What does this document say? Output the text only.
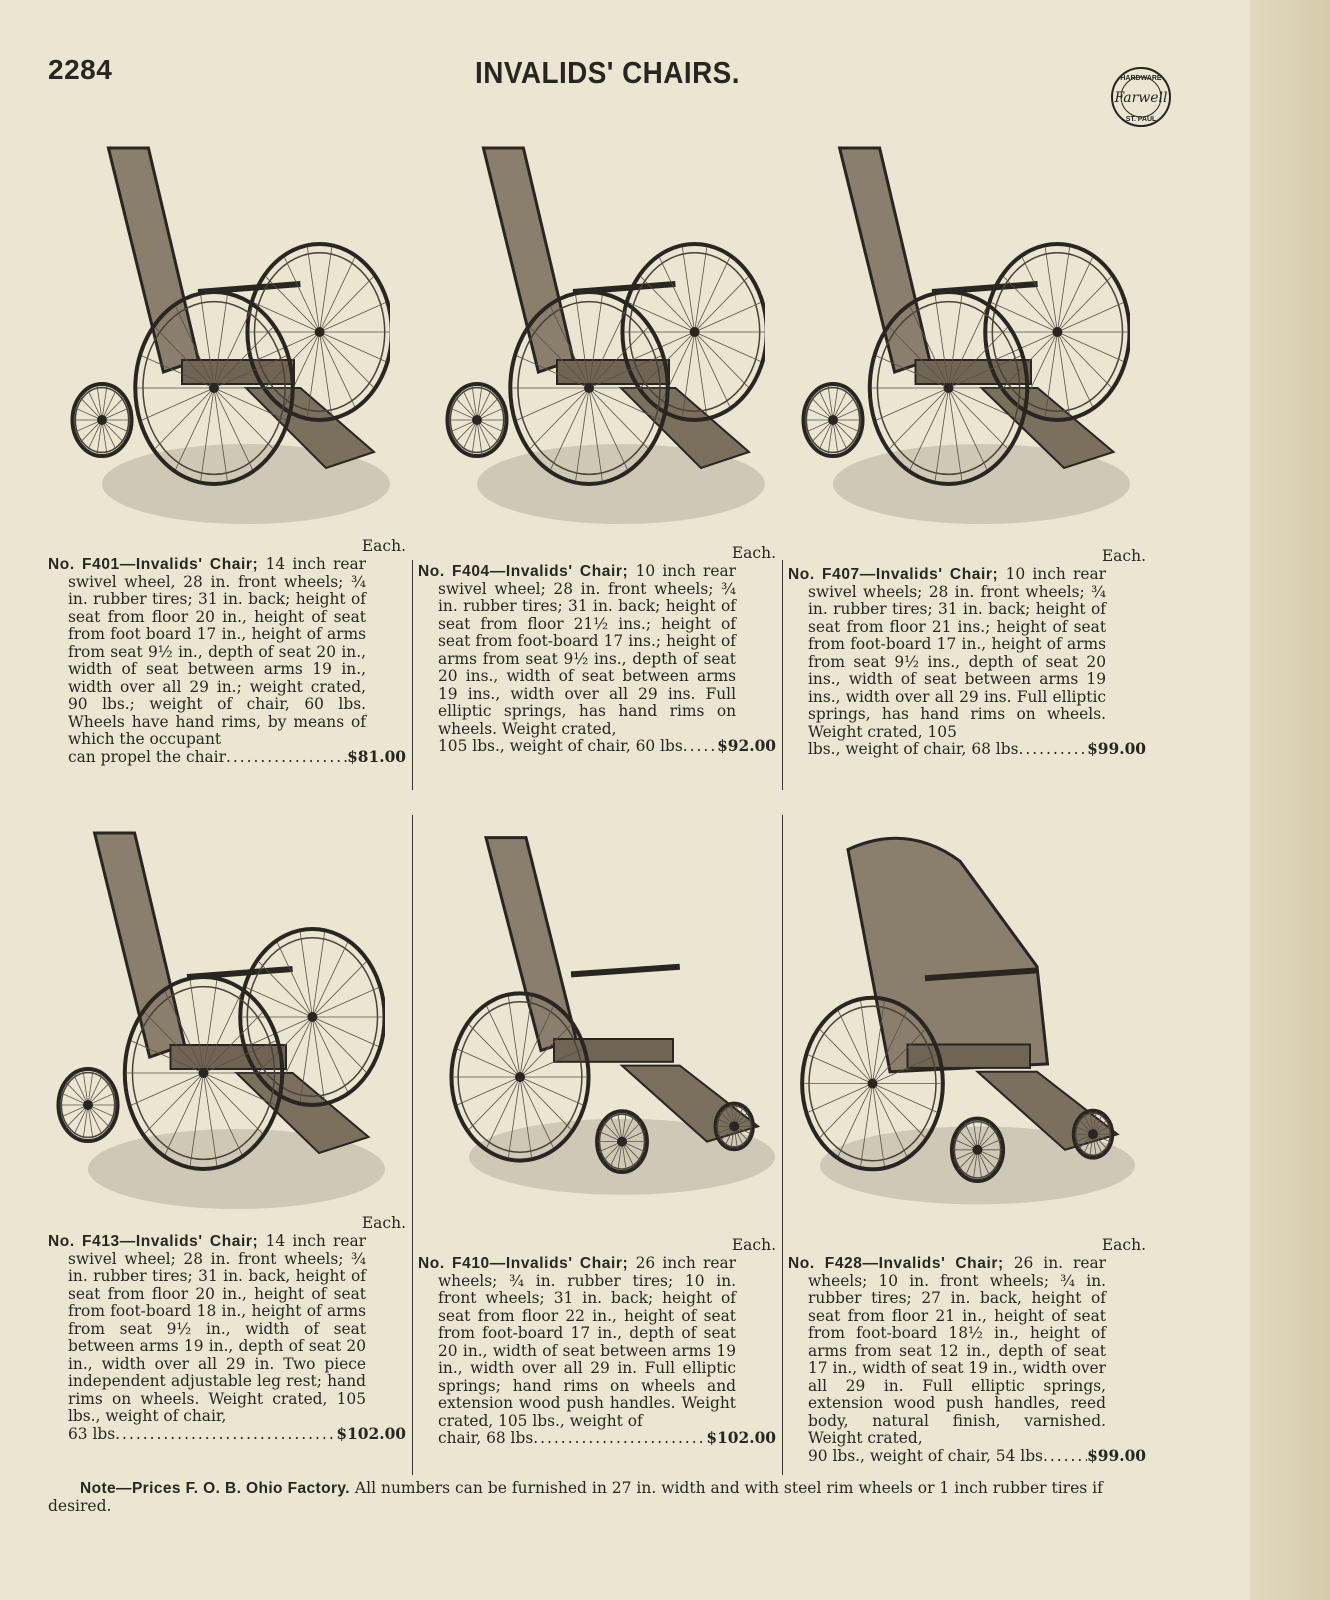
2284	INVALIDS' CHAIRS.	HARDWARE
Farwell
ST. PAUL
Each.
No. F401—Invalids' Chair; 14 inch rear swivel wheel, 28 in. front wheels; ¾ in. rubber tires; 31 in. back; height of seat from floor 20 in., height of seat from foot board 17 in., height of arms from seat 9½ in., depth of seat 20 in., width of seat between arms 19 in., width over all 29 in.; weight crated, 90 lbs.; weight of chair, 60 lbs. Wheels have hand rims, by means of which the occupant
can propel the chair .....	$81.00
Each.
No. F404—Invalids' Chair; 10 inch rear swivel wheel; 28 in. front wheels; ¾ in. rubber tires; 31 in. back; height of seat from floor 21½ ins.; height of seat from foot-board 17 ins.; height of arms from seat 9½ ins., depth of seat 20 ins., width of seat between arms 19 ins., width over all 29 ins. Full elliptic springs, has hand rims on wheels. Weight crated,
105 lbs., weight of chair, 60 lbs ..... $92.00
Each.
No. F407—Invalids' Chair; 10 inch rear swivel wheels; 28 in. front wheels; ¾ in. rubber tires; 31 in. back; height of seat from floor 21 ins.; height of seat from foot-board 17 in., height of arms from seat 9½ ins., depth of seat 20 ins., width of seat between arms 19 ins., width over all 29 ins. Full elliptic springs, has hand rims on wheels. Weight crated, 105
lbs., weight of chair, 68 lbs .....	$99.00
Each.
No. F413—Invalids' Chair; 14 inch rear swivel wheel; 28 in. front wheels; ¾ in. rubber tires; 31 in. back, height of seat from floor 20 in., height of seat from foot-board 18 in., height of arms from seat 9½ in., width of seat between arms 19 in., depth of seat 20 in., width over all 29 in. Two piece independent adjustable leg rest; hand rims on wheels. Weight crated, 105 lbs., weight of chair,
63 lbs .....	$102.00
Each.
No. F410—Invalids' Chair; 26 inch rear wheels; ¾ in. rubber tires; 10 in. front wheels; 31 in. back; height of seat from floor 22 in., height of seat from foot-board 17 in., depth of seat 20 in., width of seat between arms 19 in., width over all 29 in. Full elliptic springs; hand rims on wheels and extension wood push handles. Weight crated, 105 lbs., weight of
chair, 68 lbs .....	$102.00
Each.
No. F428—Invalids' Chair; 26 in. rear wheels; 10 in. front wheels; ¾ in. rubber tires; 27 in. back, height of seat from floor 21 in., height of seat from foot-board 18½ in., height of arms from seat 12 in., depth of seat 17 in., width of seat 19 in., width over all 29 in. Full elliptic springs, extension wood push handles, reed body, natural finish, varnished. Weight crated,
90 lbs., weight of chair, 54 lbs .....	$99.00
Note—Prices F. O. B. Ohio Factory. All numbers can be furnished in 27 in. width and with steel rim wheels or 1 inch rubber tires if desired.
